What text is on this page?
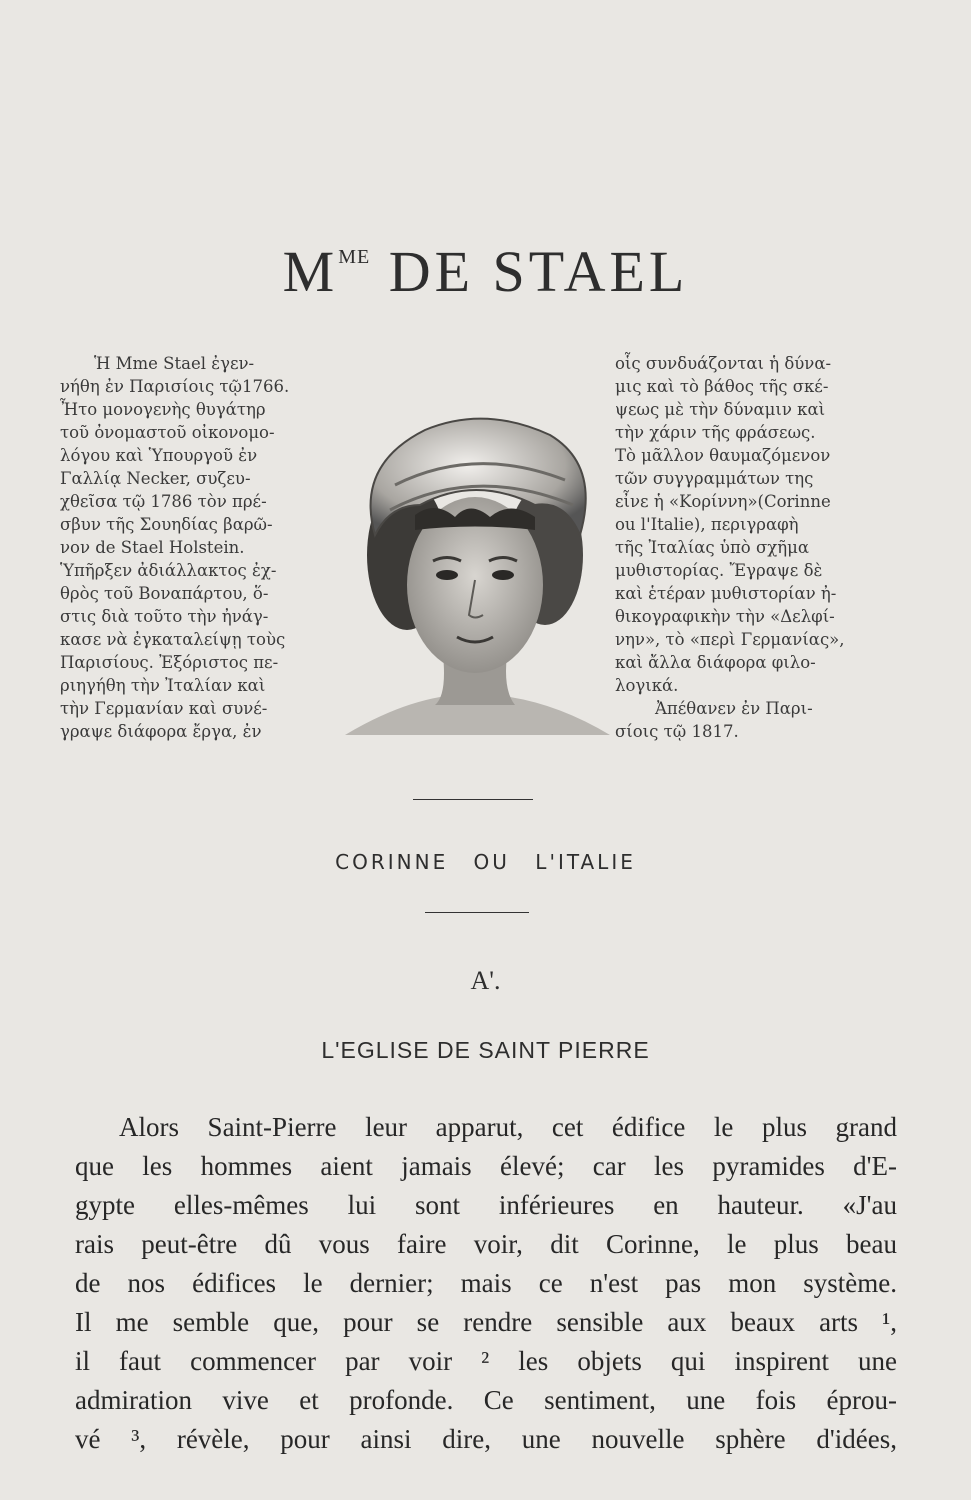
$M^{ME}$ DE STAEL
Ἡ Mme Stael ἐγεν-
νήθη ἐν Παρισίοις τῷ1766.
Ἦτο μονογενὴς θυγάτηρ
τοῦ ὀνομαστοῦ οἰκονομο-
λόγου καὶ Ὑπουργοῦ ἐν
Γαλλίᾳ Necker, συζευ-
χθεῖσα τῷ 1786 τὸν πρέ-
σβυν τῆς Σουηδίας βαρῶ-
νον de Stael Holstein.
Ὑπῆρξεν ἀδιάλλακτος ἐχ-
θρὸς τοῦ Βοναπάρτου, ὅ-
στις διὰ τοῦτο τὴν ἠνάγ-
κασε νὰ ἐγκαταλείψῃ τοὺς
Παρισίους. Ἐξόριστος πε-
ριηγήθη τὴν Ἰταλίαν καὶ
τὴν Γερμανίαν καὶ συνέ-
γραψε διάφορα ἔργα, ἐν
οἷς συνδυάζονται ἡ δύνα-
μις καὶ τὸ βάθος τῆς σκέ-
ψεως μὲ τὴν δύναμιν καὶ
τὴν χάριν τῆς φράσεως.
Τὸ μᾶλλον θαυμαζόμενον
τῶν συγγραμμάτων της
εἶνε ἡ «Κορίννη»(Corinne
ou l'Italie), περιγραφὴ
τῆς Ἰταλίας ὑπὸ σχῆμα
μυθιστορίας. Ἔγραψε δὲ
καὶ ἑτέραν μυθιστορίαν ἠ-
θικογραφικὴν τὴν «Δελφί-
νην», τὸ «περὶ Γερμανίας»,
καὶ ἄλλα διάφορα φιλο-
λογικά.
Ἀπέθανεν ἐν Παρι-
σίοις τῷ 1817.
CORINNE OU L'ITALIE
A'.
L'EGLISE DE SAINT PIERRE
Alors Saint-Pierre leur apparut, cet édifice le plus grand
que les hommes aient jamais élevé; car les pyramides d'E-
gypte elles-mêmes lui sont inférieures en hauteur. «J'au
rais peut-être dû vous faire voir, dit Corinne, le plus beau
de nos édifices le dernier; mais ce n'est pas mon système.
Il me semble que, pour se rendre sensible aux beaux arts ¹,
il faut commencer par voir ² les objets qui inspirent une
admiration vive et profonde. Ce sentiment, une fois éprou-
vé ³, révèle, pour ainsi dire, une nouvelle sphère d'idées,
